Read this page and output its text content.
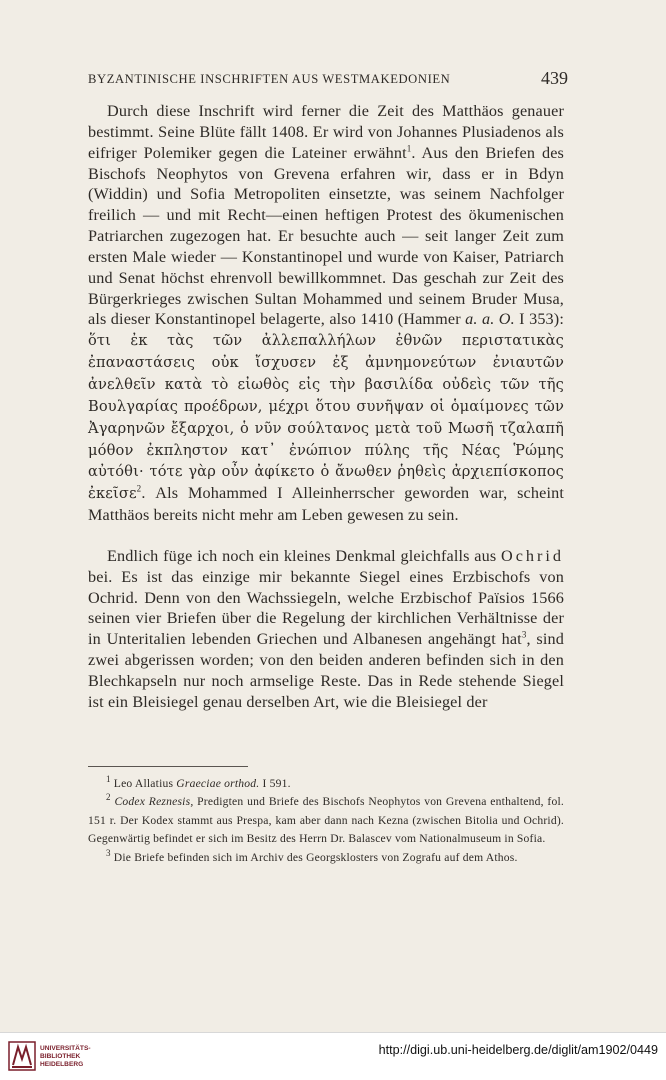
BYZANTINISCHE INSCHRIFTEN AUS WESTMAKEDONIEN	439

Durch diese Inschrift wird ferner die Zeit des Matthäos genauer bestimmt. Seine Blüte fällt 1408. Er wird von Johannes Plusiadenos als eifriger Polemiker gegen die Lateiner erwähnt$^1$. Aus den Briefen des Bischofs Neophytos von Grevena erfahren wir, dass er in Bdyn (Widdin) und Sofia Metropoliten einsetzte, was seinem Nachfolger freilich — und mit Recht—einen heftigen Protest des ökumenischen Patriarchen zugezogen hat. Er besuchte auch — seit langer Zeit zum ersten Male wieder — Konstantinopel und wurde von Kaiser, Patriarch und Senat höchst ehrenvoll bewillkommnet. Das geschah zur Zeit des Bürgerkrieges zwischen Sultan Mohammed und seinem Bruder Musa, als dieser Konstantinopel belagerte, also 1410 (Hammer a. a. O. I 353): ὅτι ἐκ τὰς τῶν ἀλλεπαλλήλων ἐθνῶν περιστατικὰς ἐπαναστάσεις οὐκ ἴσχυσεν ἐξ ἀμνημονεύτων ἐνιαυτῶν ἀνελθεῖν κατὰ τὸ εἰωθὸς εἰς τὴν βασιλίδα οὐδεὶς τῶν τῆς Βουλγαρίας προέδρων, μέχρι ὅτου συνῆψαν οἱ ὁμαίμονες τῶν Ἀγαρηνῶν ἔξαρχοι, ὁ νῦν σούλτανος μετὰ τοῦ Μωσῆ τζαλαπῆ μόθον ἐκπληστον κατ᾽ ἐνώπιον πύλης τῆς Νέας Ῥώμης αὐτόθι· τότε γὰρ οὖν ἀφίκετο ὁ ἄνωθεν ῥηθεὶς ἀρχιεπίσκοπος ἐκεῖσε$^2$. Als Mohammed I Alleinherrscher geworden war, scheint Matthäos bereits nicht mehr am Leben gewesen zu sein.

Endlich füge ich noch ein kleines Denkmal gleichfalls aus Ochrid bei. Es ist das einzige mir bekannte Siegel eines Erzbischofs von Ochrid. Denn von den Wachssiegeln, welche Erzbischof Païsios 1566 seinen vier Briefen über die Regelung der kirchlichen Verhältnisse der in Unteritalien lebenden Griechen und Albanesen angehängt hat$^3$, sind zwei abgerissen worden; von den beiden anderen befinden sich in den Blechkapseln nur noch armselige Reste. Das in Rede stehende Siegel ist ein Bleisiegel genau derselben Art, wie die Bleisiegel der

$^1$ Leo Allatius Graeciae orthod. I 591.

$^2$ Codex Reznesis, Predigten und Briefe des Bischofs Neophytos von Grevena enthaltend, fol. 151 r. Der Kodex stammt aus Prespa, kam aber dann nach Kezna (zwischen Bitolia und Ochrid). Gegenwärtig befindet er sich im Besitz des Herrn Dr. Balascev vom Nationalmuseum in Sofia.

$^3$ Die Briefe befinden sich im Archiv des Georgsklosters von Zografu auf dem Athos.

UNIVERSITÄTS-
BIBLIOTHEK
HEIDELBERG
http://digi.ub.uni-heidelberg.de/diglit/am1902/0449
